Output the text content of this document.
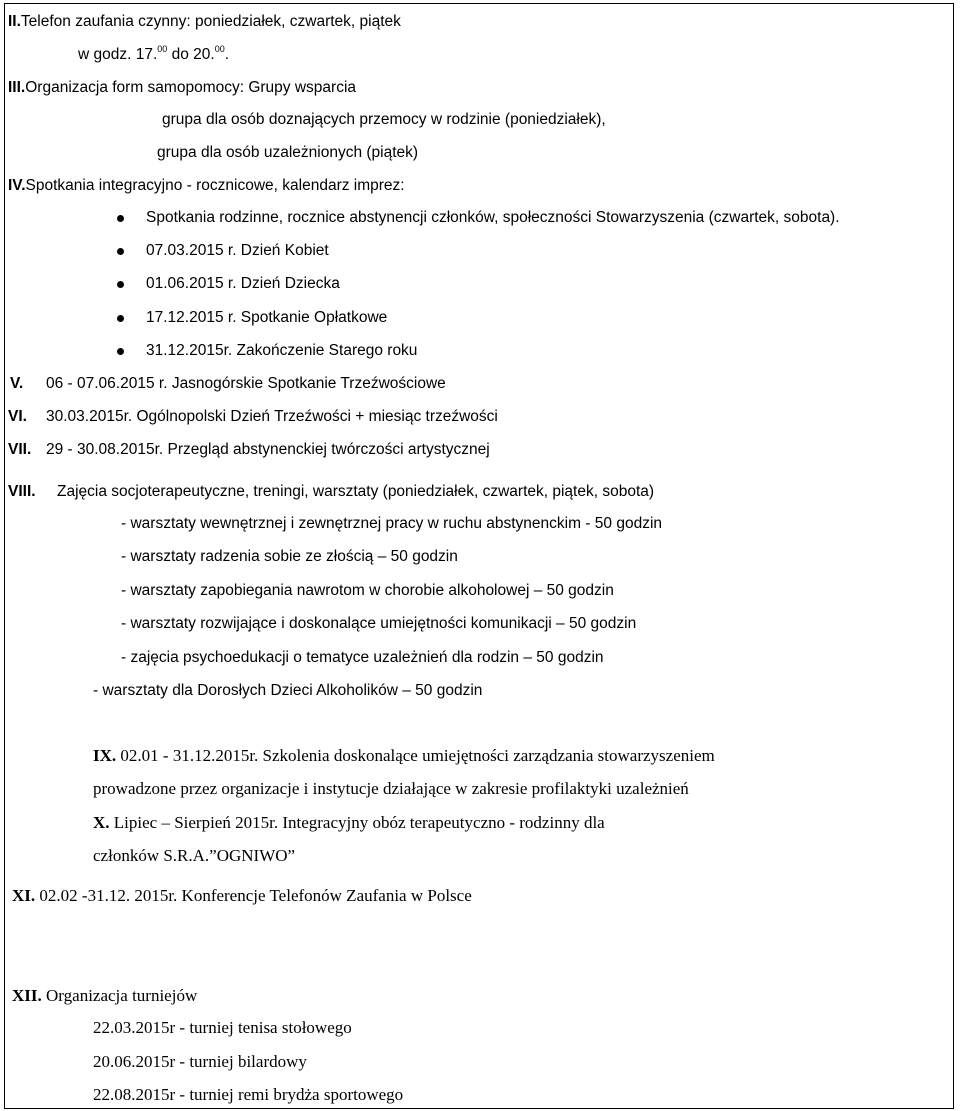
II.Telefon zaufania czynny: poniedziałek, czwartek, piątek
w godz. 17.00 do 20.00.
III.Organizacja form samopomocy: Grupy wsparcia
grupa dla osób doznających przemocy w rodzinie (poniedziałek),
grupa dla osób uzależnionych (piątek)
IV.Spotkania integracyjno - rocznicowe, kalendarz imprez:
Spotkania rodzinne, rocznice abstynencji członków, społeczności Stowarzyszenia (czwartek, sobota).
07.03.2015 r. Dzień Kobiet
01.06.2015 r. Dzień Dziecka
17.12.2015 r. Spotkanie Opłatkowe
31.12.2015r. Zakończenie Starego roku
V. 06 - 07.06.2015 r. Jasnogórskie Spotkanie Trzeźwościowe
VI. 30.03.2015r. Ogólnopolski Dzień Trzeźwości + miesiąc trzeźwości
VII. 29 - 30.08.2015r. Przegląd abstynenckiej twórczości artystycznej
VIII. Zajęcia socjoterapeutyczne, treningi, warsztaty (poniedziałek, czwartek, piątek, sobota)
- warsztaty wewnętrznej i zewnętrznej pracy w ruchu abstynenckim - 50 godzin
- warsztaty radzenia sobie ze złością – 50 godzin
- warsztaty zapobiegania nawrotom w chorobie alkoholowej – 50 godzin
- warsztaty rozwijające i doskonalące umiejętności komunikacji – 50 godzin
- zajęcia psychoedukacji o tematyce uzależnień dla rodzin – 50 godzin
- warsztaty dla Dorosłych Dzieci Alkoholików – 50 godzin
IX. 02.01 - 31.12.2015r. Szkolenia doskonalące umiejętności zarządzania stowarzyszeniem
prowadzone przez organizacje i instytucje działające w zakresie profilaktyki uzależnień
X. Lipiec – Sierpień 2015r. Integracyjny obóz terapeutyczno - rodzinny dla
członków S.R.A.”OGNIWO”
XI. 02.02 -31.12. 2015r. Konferencje Telefonów Zaufania w Polsce
XII. Organizacja turniejów
22.03.2015r - turniej tenisa stołowego
20.06.2015r - turniej bilardowy
22.08.2015r - turniej remi brydża sportowego
